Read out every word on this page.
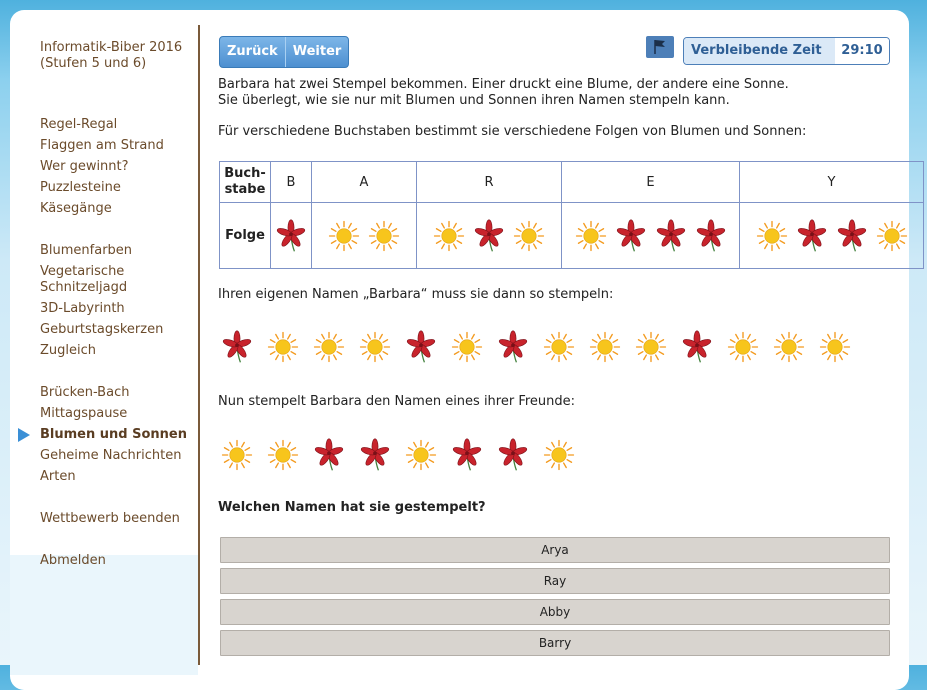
Informatik-Biber 2016 (Stufen 5 und 6)
Regel-Regal
Flaggen am Strand
Wer gewinnt?
Puzzlesteine
Käsegänge
Blumenfarben
Vegetarische Schnitzeljagd
3D-Labyrinth
Geburtstagskerzen
Zugleich
Brücken-Bach
Mittagspause
Blumen und Sonnen
Geheime Nachrichten
Arten
Wettbewerb beenden
Abmelden
Zurück	Weiter	Verbleibende Zeit	29:10
Barbara hat zwei Stempel bekommen. Einer druckt eine Blume, der andere eine Sonne.
Sie überlegt, wie sie nur mit Blumen und Sonnen ihren Namen stempeln kann.
Für verschiedene Buchstaben bestimmt sie verschiedene Folgen von Blumen und Sonnen:
Buch-
stabe	B	A	R	E	Y
Folge	

Ihren eigenen Namen „Barbara“ muss sie dann so stempeln:
Nun stempelt Barbara den Namen eines ihrer Freunde:
Welchen Namen hat sie gestempelt?
Arya
Ray
Abby
Barry
